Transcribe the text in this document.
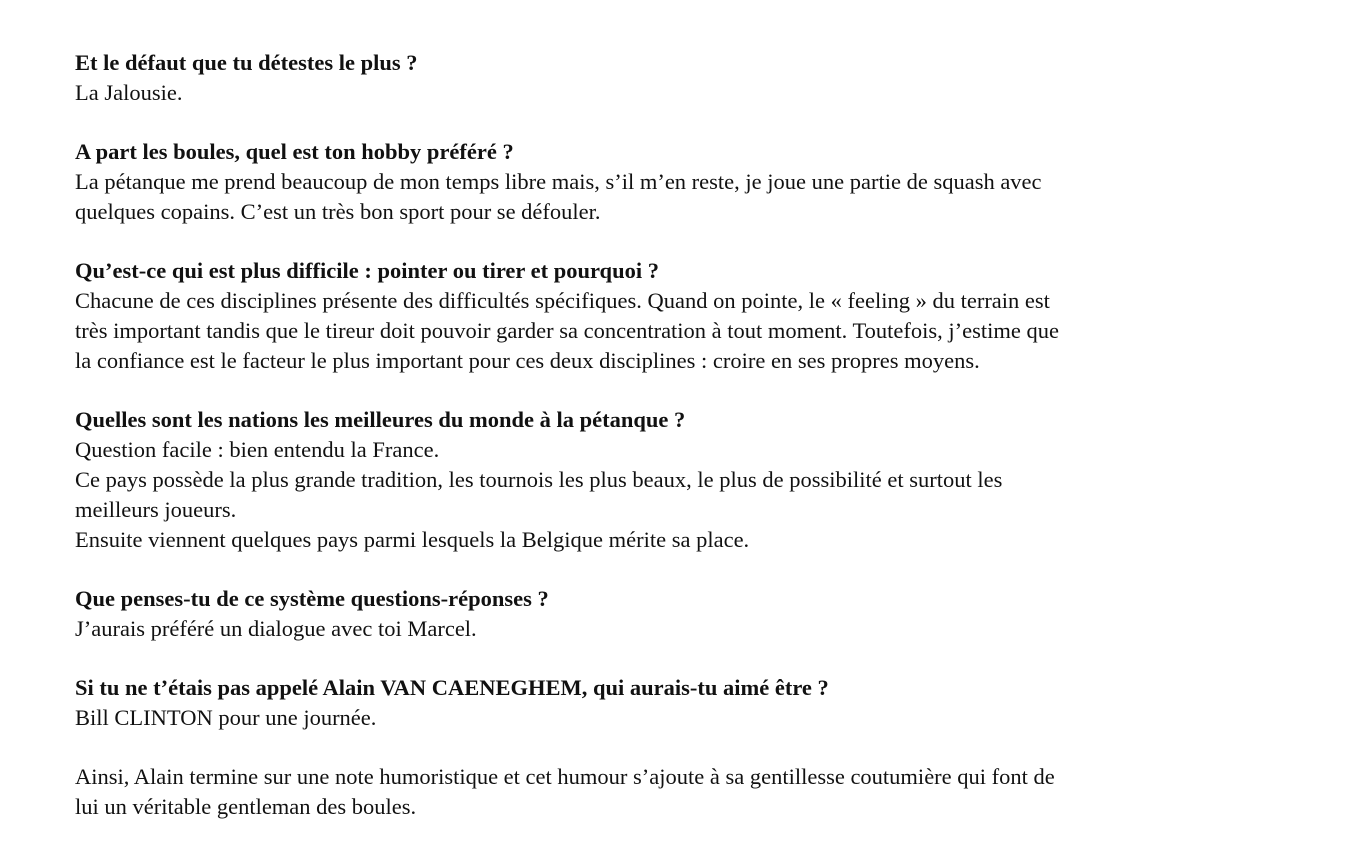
Et le défaut que tu détestes le plus ?

La Jalousie.

A part les boules, quel est ton hobby préféré ?

La pétanque me prend beaucoup de mon temps libre mais, s’il m’en reste, je joue une partie de squash avec
quelques copains. C’est un très bon sport pour se défouler.

Qu’est-ce qui est plus difficile : pointer ou tirer et pourquoi ?

Chacune de ces disciplines présente des difficultés spécifiques. Quand on pointe, le « feeling » du terrain est
très important tandis que le tireur doit pouvoir garder sa concentration à tout moment. Toutefois, j’estime que
la confiance est le facteur le plus important pour ces deux disciplines : croire en ses propres moyens.

Quelles sont les nations les meilleures du monde à la pétanque ?

Question facile : bien entendu la France.
Ce pays possède la plus grande tradition, les tournois les plus beaux, le plus de possibilité et surtout les
meilleurs joueurs.
Ensuite viennent quelques pays parmi lesquels la Belgique mérite sa place.

Que penses-tu de ce système questions-réponses ?

J’aurais préféré un dialogue avec toi Marcel.

Si tu ne t’étais pas appelé Alain VAN CAENEGHEM, qui aurais-tu aimé être ?

Bill CLINTON pour une journée.

Ainsi, Alain termine sur une note humoristique et cet humour s’ajoute à sa gentillesse coutumière qui font de
lui un véritable gentleman des boules.
